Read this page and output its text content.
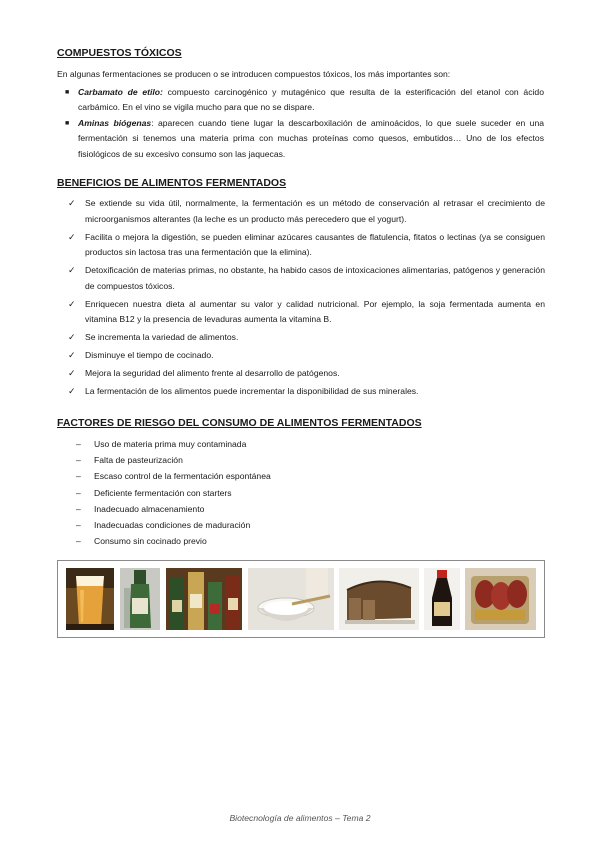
COMPUESTOS TÓXICOS

En algunas fermentaciones se producen o se introducen compuestos tóxicos, los más importantes son:

■ Carbamato de etilo: compuesto carcinogénico y mutagénico que resulta de la esterificación del etanol con ácido carbámico. En el vino se vigila mucho para que no se dispare.
■ Aminas biógenas: aparecen cuando tiene lugar la descarboxilación de aminoácidos, lo que suele suceder en una fermentación si tenemos una materia prima con muchas proteínas como quesos, embutidos… Uno de los efectos fisiológicos de su excesivo consumo son las jaquecas.
BENEFICIOS DE ALIMENTOS FERMENTADOS
✓ Se extiende su vida útil, normalmente, la fermentación es un método de conservación al retrasar el crecimiento de microorganismos alterantes (la leche es un producto más perecedero que el yogurt).
✓ Facilita o mejora la digestión, se pueden eliminar azúcares causantes de flatulencia, fitatos o lectinas (ya se consiguen productos sin lactosa tras una fermentación que la elimina).
✓ Detoxificación de materias primas, no obstante, ha habido casos de intoxicaciones alimentarias, patógenos y generación de compuestos tóxicos.
✓ Enriquecen nuestra dieta al aumentar su valor y calidad nutricional. Por ejemplo, la soja fermentada aumenta en vitamina B12 y la presencia de levaduras aumenta la vitamina B.
✓ Se incrementa la variedad de alimentos.
✓ Disminuye el tiempo de cocinado.
✓ Mejora la seguridad del alimento frente al desarrollo de patógenos.
✓ La fermentación de los alimentos puede incrementar la disponibilidad de sus minerales.
FACTORES DE RIESGO DEL CONSUMO DE ALIMENTOS FERMENTADOS
– Uso de materia prima muy contaminada
– Falta de pasteurización
– Escaso control de la fermentación espontánea
– Deficiente fermentación con starters
– Inadecuado almacenamiento
– Inadecuadas condiciones de maduración
– Consumo sin cocinado previo
Biotecnología de alimentos – Tema 2
